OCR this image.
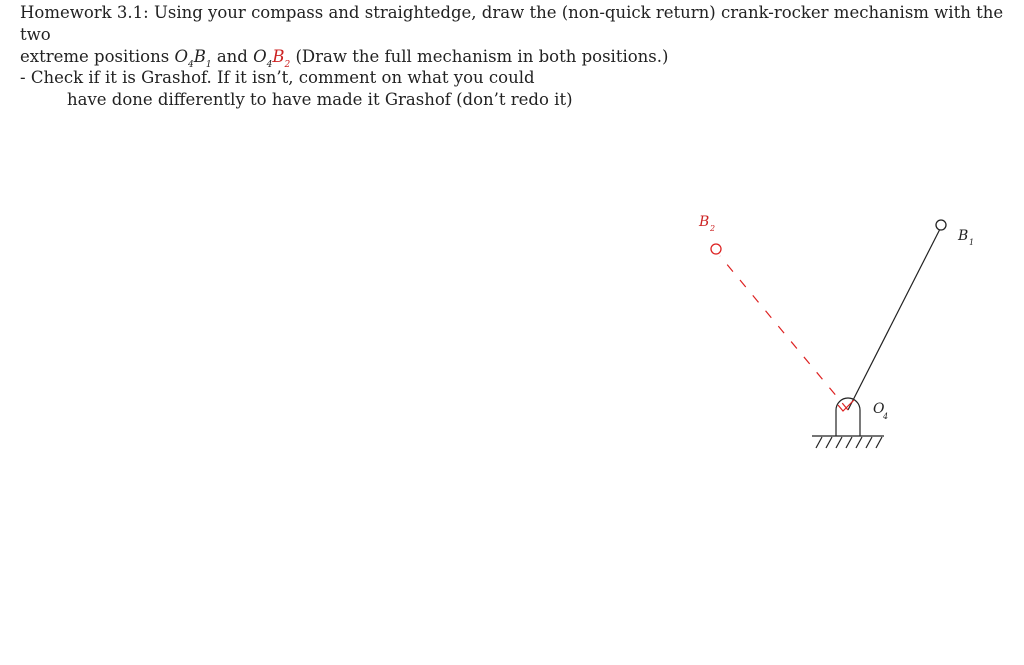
Homework 3.1: Using your compass and straightedge, draw the (non-quick return) crank-rocker mechanism with the two

extreme positions $O_4B_1$ and $O_4B_2$ (Draw the full mechanism in both positions.)

- Check if it is Grashof. If it isn’t, comment on what you could
have done differently to have made it Grashof (don’t redo it)
B 2	B 1
O
4
